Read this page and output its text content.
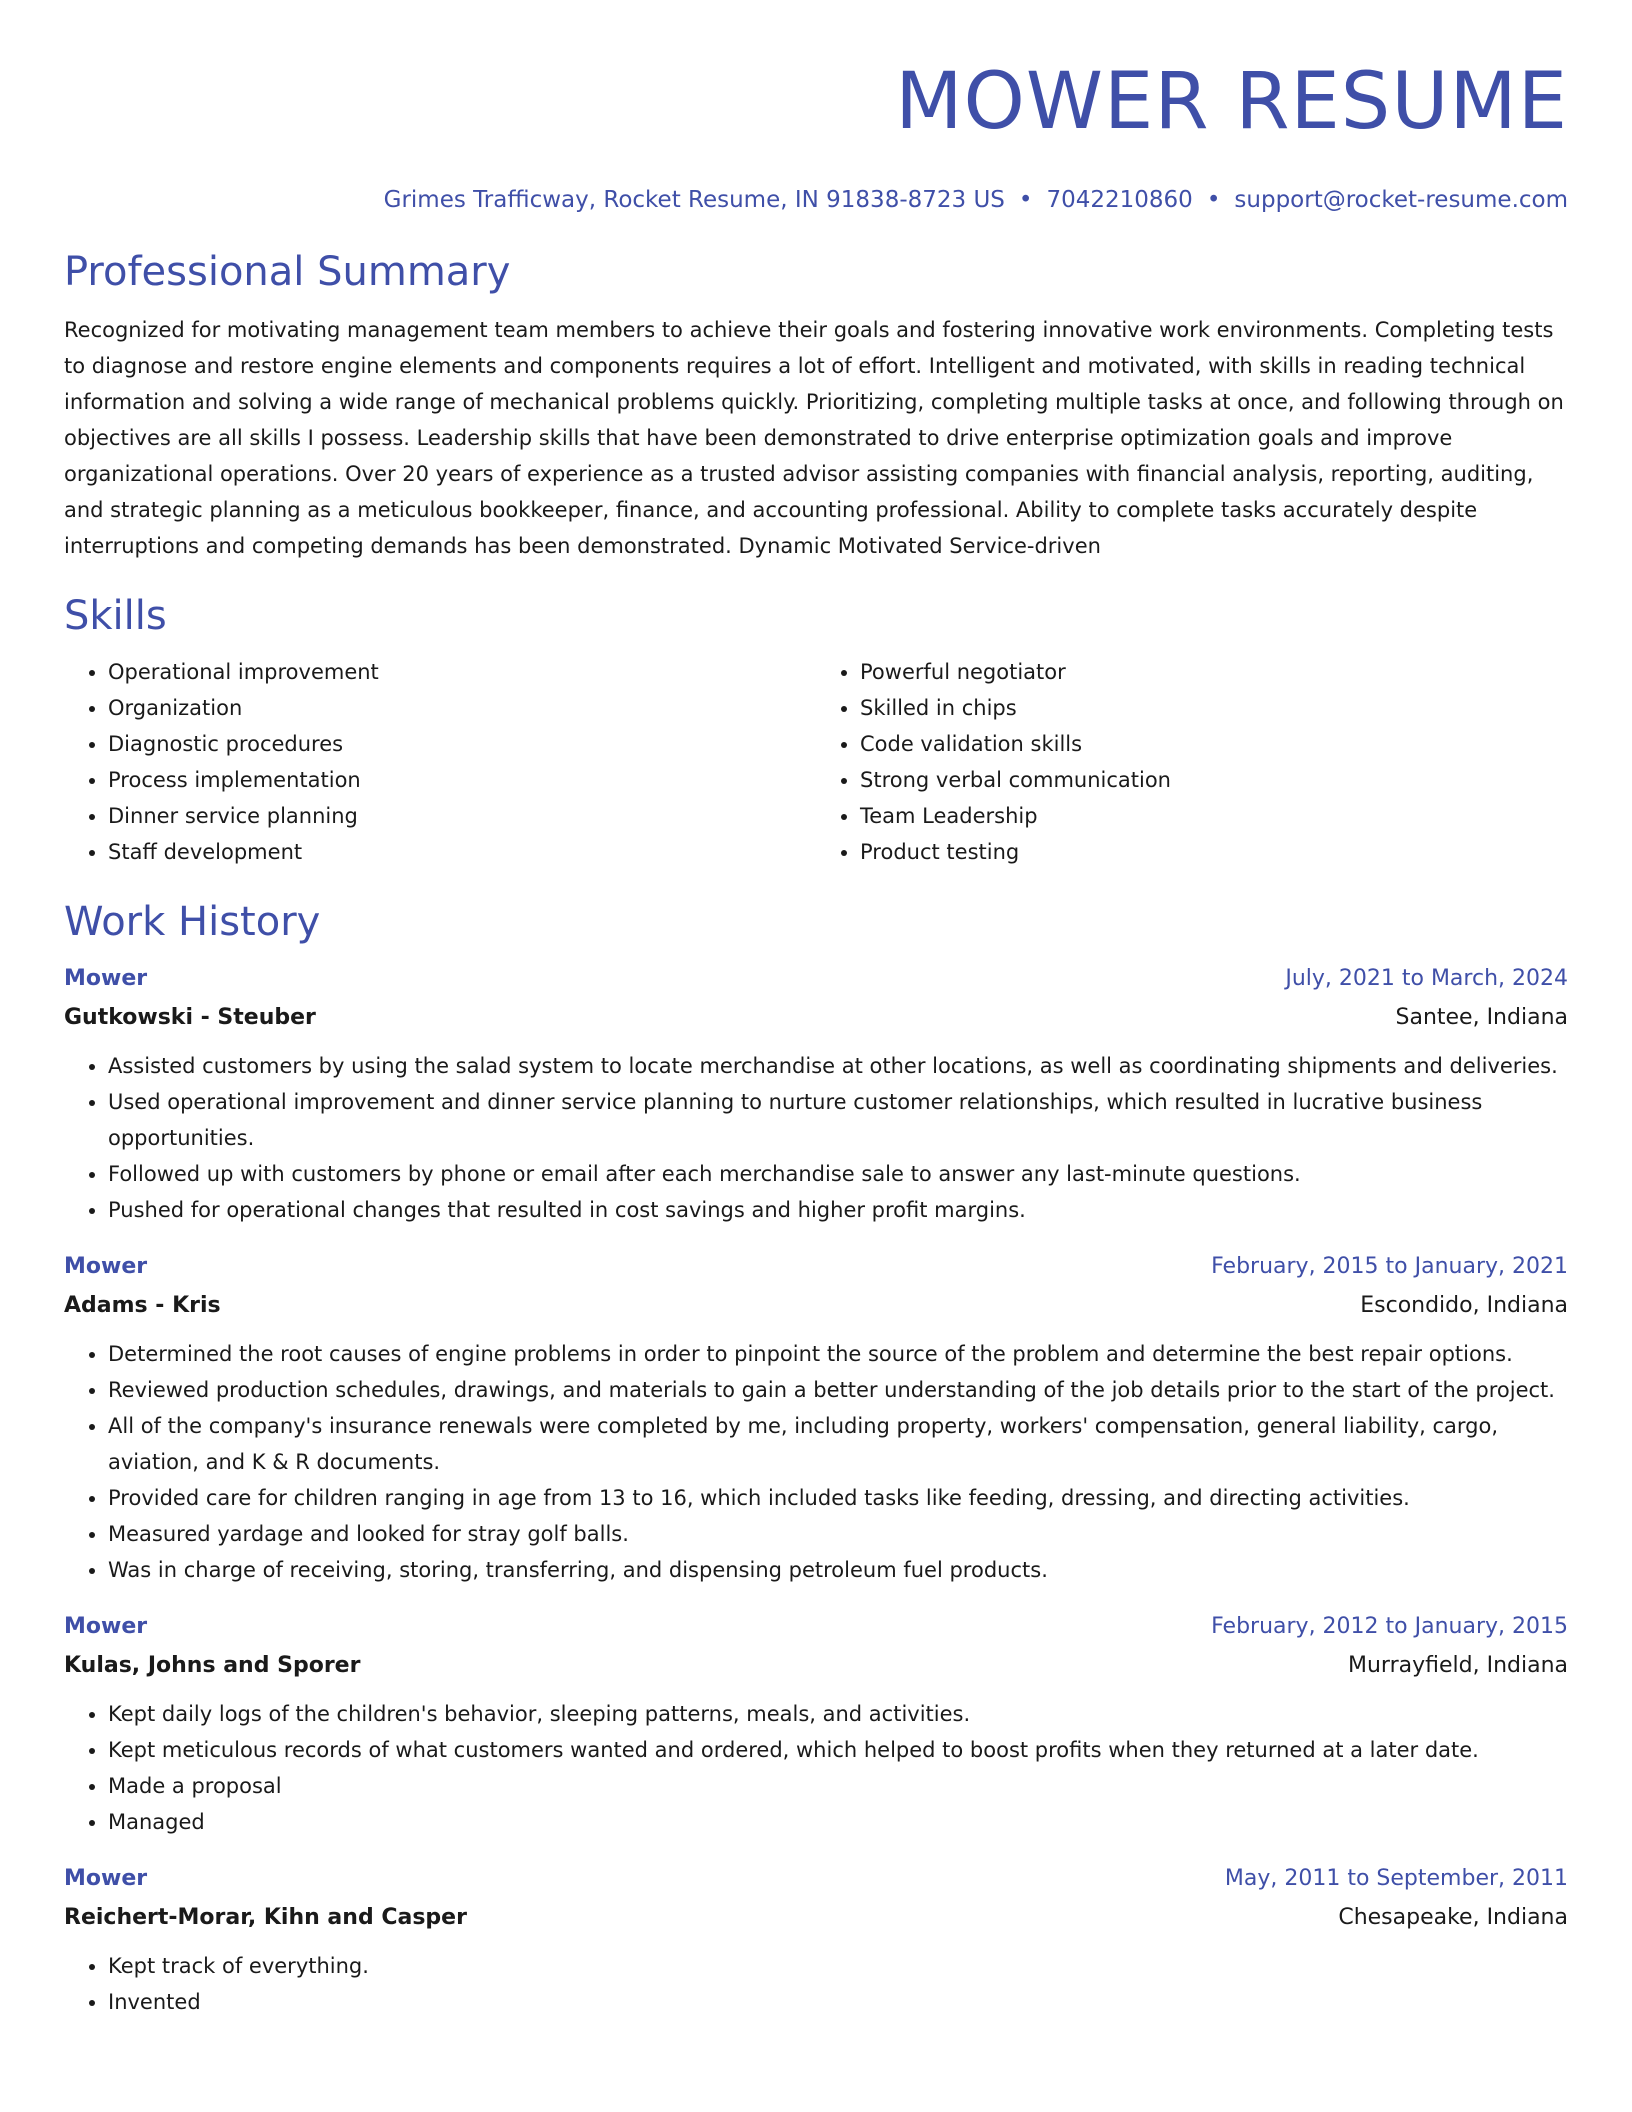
MOWER RESUME
Grimes Trafficway, Rocket Resume, IN 91838-8723 US • 7042210860 • support@rocket-resume.com
Professional Summary
Recognized for motivating management team members to achieve their goals and fostering innovative work environments. Completing tests to diagnose and restore engine elements and components requires a lot of effort. Intelligent and motivated, with skills in reading technical information and solving a wide range of mechanical problems quickly. Prioritizing, completing multiple tasks at once, and following through on objectives are all skills I possess. Leadership skills that have been demonstrated to drive enterprise optimization goals and improve organizational operations. Over 20 years of experience as a trusted advisor assisting companies with financial analysis, reporting, auditing, and strategic planning as a meticulous bookkeeper, finance, and accounting professional. Ability to complete tasks accurately despite interruptions and competing demands has been demonstrated. Dynamic Motivated Service-driven
Skills
• Operational improvement
• Organization
• Diagnostic procedures
• Process implementation
• Dinner service planning
• Staff development
• Powerful negotiator
• Skilled in chips
• Code validation skills
• Strong verbal communication
• Team Leadership
• Product testing
Work History
Mower	July, 2021 to March, 2024
Gutkowski - Steuber	Santee, Indiana
• Assisted customers by using the salad system to locate merchandise at other locations, as well as coordinating shipments and deliveries.
• Used operational improvement and dinner service planning to nurture customer relationships, which resulted in lucrative business opportunities.
• Followed up with customers by phone or email after each merchandise sale to answer any last-minute questions.
• Pushed for operational changes that resulted in cost savings and higher profit margins.
Mower	February, 2015 to January, 2021
Adams - Kris	Escondido, Indiana
• Determined the root causes of engine problems in order to pinpoint the source of the problem and determine the best repair options.
• Reviewed production schedules, drawings, and materials to gain a better understanding of the job details prior to the start of the project.
• All of the company's insurance renewals were completed by me, including property, workers' compensation, general liability, cargo, aviation, and K & R documents.
• Provided care for children ranging in age from 13 to 16, which included tasks like feeding, dressing, and directing activities.
• Measured yardage and looked for stray golf balls.
• Was in charge of receiving, storing, transferring, and dispensing petroleum fuel products.
Mower	February, 2012 to January, 2015
Kulas, Johns and Sporer	Murrayfield, Indiana
• Kept daily logs of the children's behavior, sleeping patterns, meals, and activities.
• Kept meticulous records of what customers wanted and ordered, which helped to boost profits when they returned at a later date.
• Made a proposal
• Managed
Mower	May, 2011 to September, 2011
Reichert-Morar, Kihn and Casper	Chesapeake, Indiana
• Kept track of everything.
• Invented
